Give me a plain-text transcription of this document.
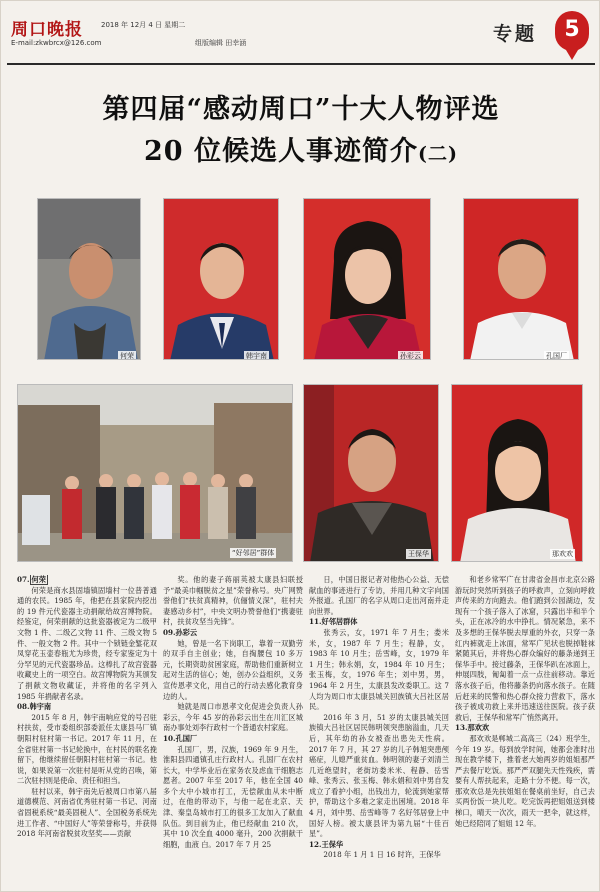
周口晚报
E-mail:zkwbrcx@126.com
2018 年 12月 4 日 星期二
组版编辑 田幸涵	专题	5
第四届“感动周口”十大人物评选
20 位候选人事迹简介(二)
何荣	韩宇南	孙彩云	孔国厂
“好邻居”群体	王保华	那欢欢

07. 何荣

何荣是商水县固墙镇固墙村一位普普通通的农民。1985 年，他把在县家院内挖出的 19 件元代瓷器主动捐献给故宫博物院。经鉴定，何荣捐献的这批瓷器被定为二级甲文物 1 件、二级乙文物 11 件、三级文物 5 件、一般文物 2 件。其中一个锁链金錾花双凤穿花玉壶春瓶尤为珍贵，经专家鉴定为十分罕见的元代瓷器珍品。这棒扎了故宫瓷器收藏史上的一项空白。故宫博物院为其颁发了捐献文物收藏证，并将他的名字列入 1985 年捐献者名录。

08.韩宇南

2015 年 8 月，韩宇南响应党的号召驻村扶贫，受市委组织部委派任太康县马厂镇朝阳村驻村第一书记。2017 年 11 月，在全省驻村第一书记轮换中，在村民的联名挽留下，他继续留任朝阳村驻村第一书记。他说，如果说第一次驻村是听从党的召唤，第二次驻村则是使命、责任和担当。

驻村以来，韩宇南先后被周口市第八届道德模范、河南省优秀驻村第一书记、河南省固税系统“最美固税人”、全国税务系统先进工作者、“中国好人”等荣誉称号，并获得 2018 年河南省脱贫攻坚奖——贡献

奖。他的妻子蒋丽英被太康县妇联授予“最美巾帼脱贫之星”荣誉称号。央广网赞誉他们“扶贫真精神，伉俪情义深”，驻村夫妻感动乡村”，中央文明办赞誉他们“携妻驻村，扶贫攻坚当先锋”。

09.孙彩云

她，曾是一名下岗职工，靠着一双勤劳的双手自主创业；她，自掏腰包 10 多万元，长期资助贫困家庭，帮助他们重新树立起对生活的信心；她，创办公益组织，义务宣传恩孝文化，用自己的行动去感化教育身边的人。

她就是周口市恩孝文化促进会负责人孙彩云，今年 45 岁的孙彩云出生在川汇区城南办事处刘李行政村一个普通农村家庭。

10.孔国厂

孔国厂，男，汉族，1969 年 9 月生，淮阳县四通镇孔庄行政村人。孔国厂在农村长大，中学毕业后在家务农及虑血干细胞志愿者。2007 年至 2017 年，他在全国 40 多个大中小城市打工，无偿献血从未中断过，在他的带动下，与他一起在北京、天津、秦皇岛城市打工的很多工友加入了献血队伍。到目前为止，他已经献血 210 次，其中 10 次全血 4000 毫升，200 次捐献干细胞，血液 白。2017 年 7 月 25

日，中国日报记者对他热心公益、无偿献血的事迹进行了专访，并用几种文字向国外报道。孔国厂的名字从周口走出河南并走向世界。

11.好邻居群体

张秀云，女，1971 年 7 月生；娄米米，女，1987 年 7 月生；程静，女，1983 年 10 月生；岳雪峰，女，1979 年 1 月生；韩永娟，女，1984 年 10 月生；张玉梅，女，1976 年生；刘中男，男，1964 年 2 月生，太康县发改委职工。这 7 人均为周口市太康县城关回族镇大吕社区居民。

2016 年 3 月，51 岁的太康县城关回族镇大吕社区居民韩明领突患脑溢血，几天后，其年幼的孙女被查出患先天性病。2017 年 7 月，其 27 岁的儿子韩旭突患颅癌症，儿媳严重贫血。韩明领的妻子刘清兰几近绝望时，老街坊娄米米、程静、岳雪峰、张秀云、张玉梅、韩永娟和刘中男自发成立了看护小组，出钱出力，轮流到她家帮护，帮助这个多难之家走出困境。2018 年 4 月，刘中男、岳雪峰等 7 名好邻居登上中国好人榜。被太康县评为第九届“十佳百星”。

12.王保华

2018 年 1 月 1 日 16 时许，王保华

和老乡常军广在甘肃省金昌市北京公路游玩时突然听到孩子的呼救声，立刻向呼救声传来的方向跑去。他们跑到公园湖边，发现有一个孩子落入了冰窟，只露出半和半个头，正在冰冷的水中挣扎。情况紧急，来不及多想的王保华脱去厚重的外衣，只穿一条红内裤就走上冰面，常军广见状也脱掉鞋袜紧随其后，并将热心群众编好的藤条递到王保华手中。接过藤条，王保华趴在冰面上，伸展四肢，匍匐着一点一点往前移动。靠近落水孩子后，他将藤条扔向落水孩子。在随后赶来的民警和热心群众接力营救下，落水孩子被成功救上来并迅速送往医院。孩子获救后，王保华和常军广悄然离开。

13.那欢欢

那欢欢是郸城二高高三（24）班学生，今年 19 岁。每到放学时间，她都会准时出现在教学楼下，推着老大她两岁的姐姐那严严去餐厅吃饭。那严严双腿先天性残疾，需要有人帮扶起来，走路十分不便。每一次，那欢欢总是先扶姐姐在餐桌前坐好，自己去买两份饭一块儿吃。吃完饭再把姐姐送到楼梯口，晴天一次次，雨天一把伞，就这样，她已经陪同了姐姐 12 年。
